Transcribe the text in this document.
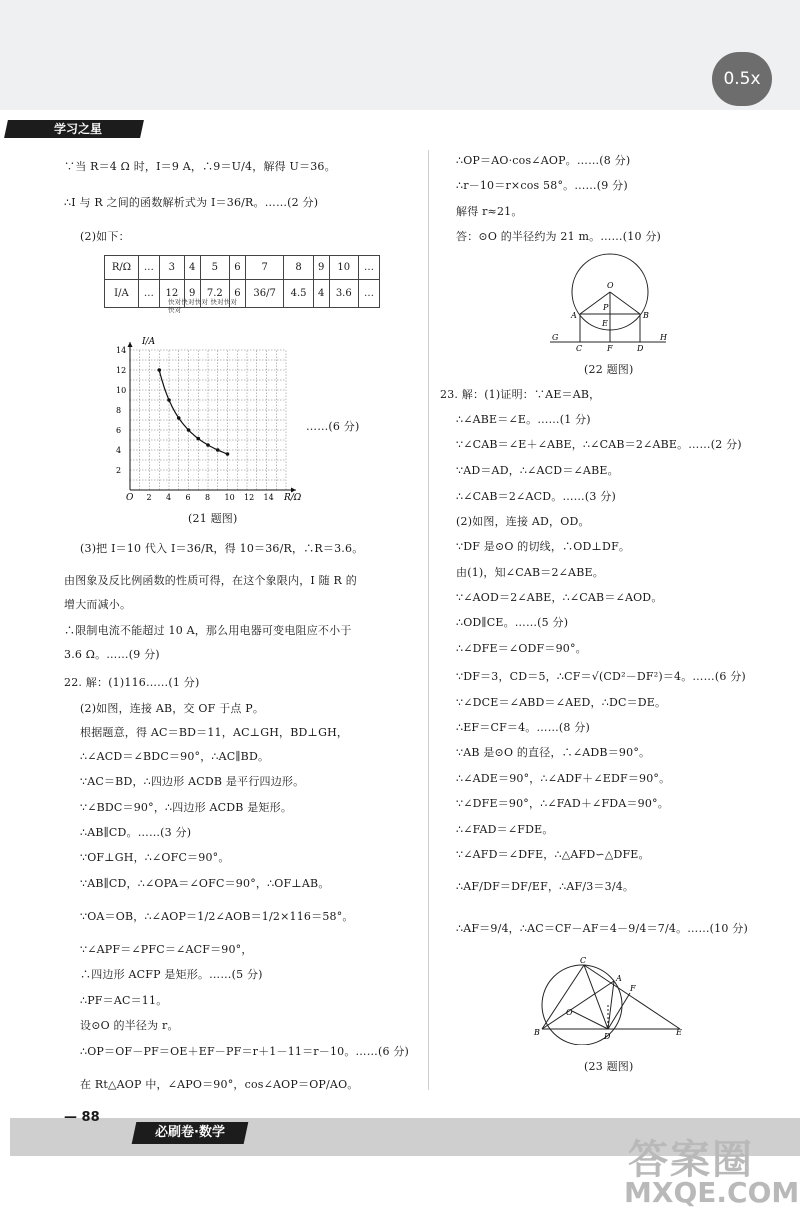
0.5x
学习之星
∵当 R＝4 Ω 时，I＝9 A，∴9＝U/4，解得 U＝36。
∴I 与 R 之间的函数解析式为 I＝36/R。……(2 分)
(2)如下：
R/Ω	…	3	4	5	6	7	8	9	10	…
I/A	…	12	9	7.2	6	36/7	4.5	4	3.6	…
快对快对快对 快对快对快对
2 4 6 8 10 12 14
2
4
6
8
10
12
14
I/A
R/Ω
O
(21 题图)
……(6 分)
(3)把 I＝10 代入 I＝36/R，得 10＝36/R，∴R＝3.6。
由图象及反比例函数的性质可得，在这个象限内，I 随 R 的
增大而减小。
∴限制电流不能超过 10 A，那么用电器可变电阻应不小于
3.6 Ω。……(9 分)
22. 解：(1)116……(1 分)
(2)如图，连接 AB，交 OF 于点 P。
根据题意，得 AC＝BD＝11，AC⊥GH，BD⊥GH，
∴∠ACD＝∠BDC＝90°，∴AC∥BD。
∵AC＝BD，∴四边形 ACDB 是平行四边形。
∵∠BDC＝90°，∴四边形 ACDB 是矩形。
∴AB∥CD。……(3 分)
∵OF⊥GH，∴∠OFC＝90°。
∵AB∥CD，∴∠OPA＝∠OFC＝90°，∴OF⊥AB。
∵OA＝OB，∴∠AOP＝1/2∠AOB＝1/2×116＝58°。
∵∠APF＝∠PFC＝∠ACF＝90°，
∴四边形 ACFP 是矩形。……(5 分)
∴PF＝AC＝11。
设⊙O 的半径为 r。
∴OP＝OF－PF＝OE＋EF－PF＝r＋1－11＝r－10。……(6 分)
在 Rt△AOP 中，∠APO＝90°，cos∠AOP＝OP/AO。
∴OP＝AO·cos∠AOP。……(8 分)
∴r－10＝r×cos 58°。……(9 分)
解得 r≈21。
答：⊙O 的半径约为 21 m。……(10 分)
O
A	B
P
E
G
C	F	D
H
(22 题图)
23. 解：(1)证明：∵AE＝AB，
∴∠ABE＝∠E。……(1 分)
∵∠CAB＝∠E＋∠ABE，∴∠CAB＝2∠ABE。……(2 分)
∵AD＝AD，∴∠ACD＝∠ABE。
∴∠CAB＝2∠ACD。……(3 分)
(2)如图，连接 AD，OD。
∵DF 是⊙O 的切线，∴OD⊥DF。
由(1)，知∠CAB＝2∠ABE。
∵∠AOD＝2∠ABE，∴∠CAB＝∠AOD。
∴OD∥CE。……(5 分)
∴∠DFE＝∠ODF＝90°。
∵DF＝3，CD＝5，∴CF＝√(CD²－DF²)＝4。……(6 分)
∵∠DCE＝∠ABD＝∠AED，∴DC＝DE。
∴EF＝CF＝4。……(8 分)
∵AB 是⊙O 的直径，∴∠ADB＝90°。
∴∠ADE＝90°，∴∠ADF＋∠EDF＝90°。
∵∠DFE＝90°，∴∠FAD＋∠FDA＝90°。
∴∠FAD＝∠FDE。
∵∠AFD＝∠DFE，∴△AFD∽△DFE。
∴AF/DF＝DF/EF，∴AF/3＝3/4。
∴AF＝9/4，∴AC＝CF－AF＝4－9/4＝7/4。……(10 分)
C
A
F
O
B	D	E
(23 题图)
— 88
必刷卷·数学
答案圈
MXQE.COM
